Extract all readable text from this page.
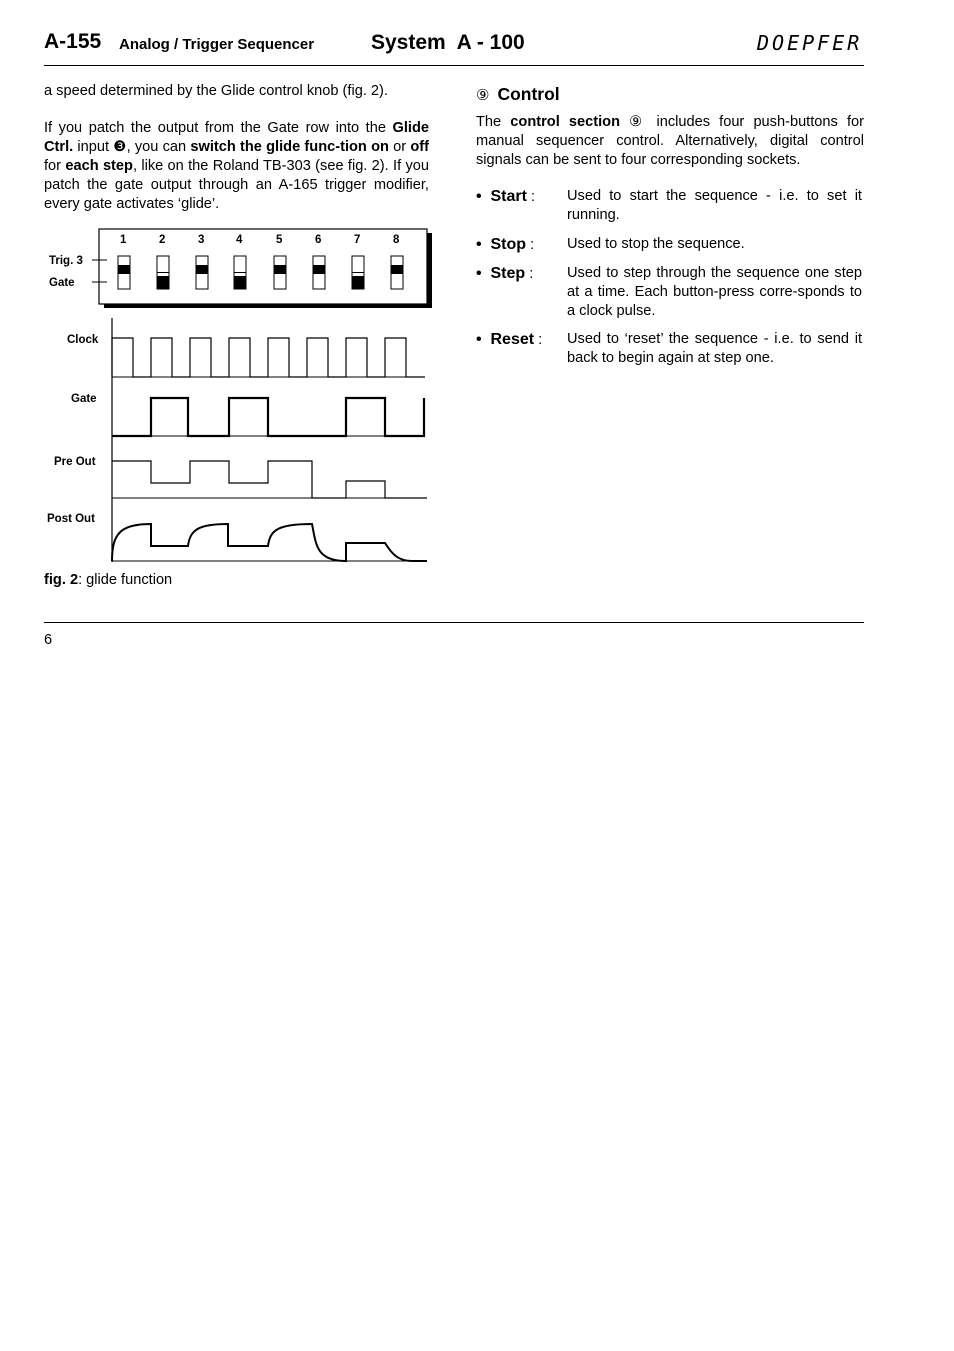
A-155 Analog / Trigger Sequencer	System  A - 100	DOEPFER

a speed determined by the Glide control knob (fig. 2).

If you patch the output from the Gate row into the Glide Ctrl. input ❸, you can switch the glide func-tion on or off for each step, like on the Roland TB-303 (see fig. 2). If you patch the gate output through an A-165 trigger modifier, every gate activates ‘glide’.

1	2	3	4	5	6	7	8
Trig. 3
Gate
Clock
Gate
Pre Out
Post Out
fig. 2: glide function
⑨ Control
The control section ⑨ includes four push-buttons for manual sequencer control. Alternatively, digital control signals can be sent to four corresponding sockets.
•  Start :	Used to start the sequence - i.e. to set it running.
•  Stop :	Used to stop the sequence.
•  Step :	Used to step through the sequence one step at a time. Each button-press corre-sponds to a clock pulse.
•  Reset :	Used to ‘reset’ the sequence - i.e. to send it back to begin again at step one.
6
